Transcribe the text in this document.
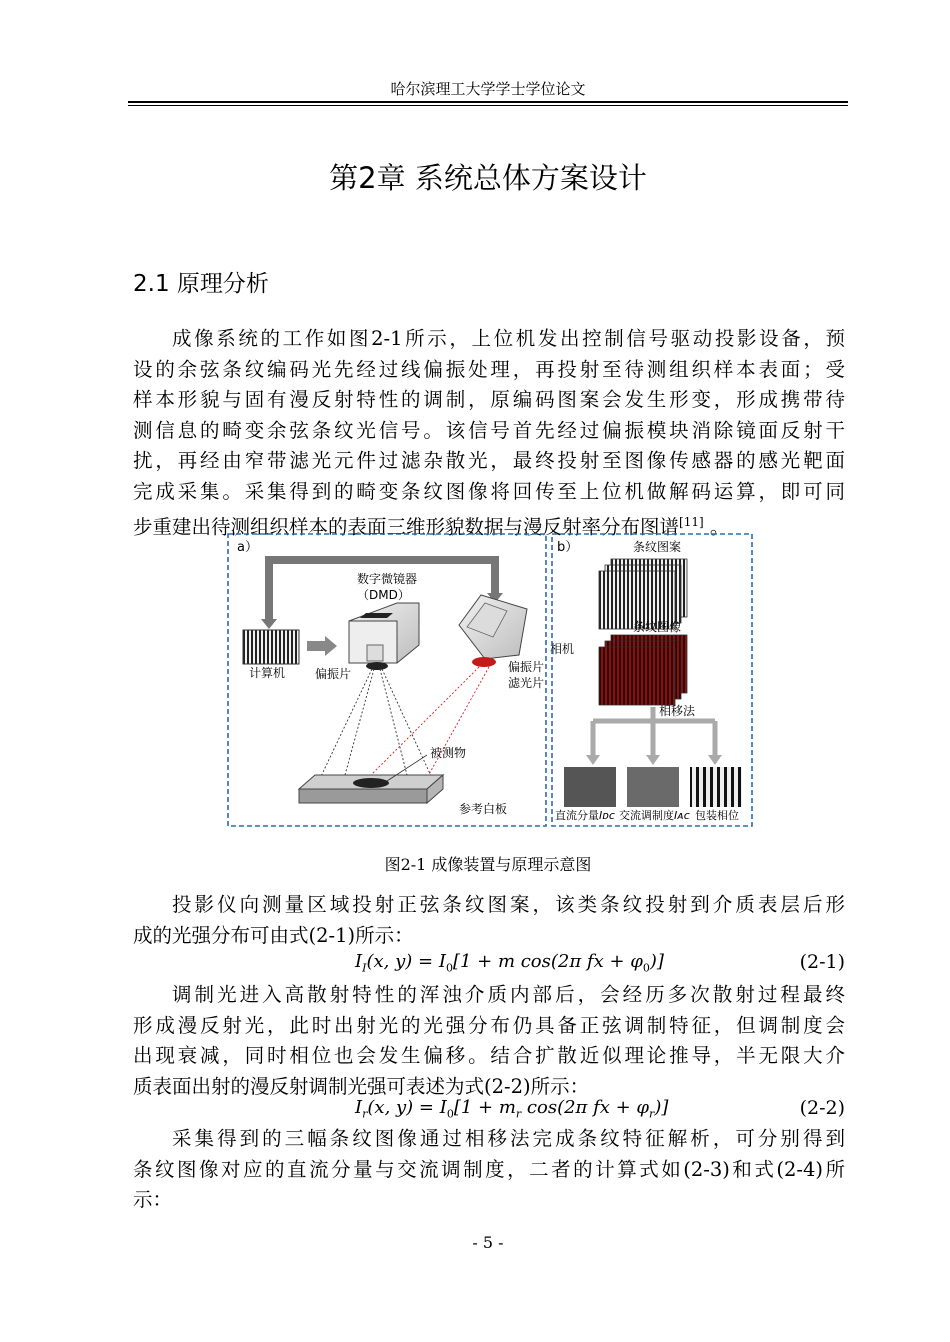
哈尔滨理工大学学士学位论文
第2章 系统总体方案设计
2.1 原理分析
成像系统的工作如图2-1所示，上位机发出控制信号驱动投影设备，预
设的余弦条纹编码光先经过线偏振处理，再投射至待测组织样本表面；受
样本形貌与固有漫反射特性的调制，原编码图案会发生形变，形成携带待
测信息的畸变余弦条纹光信号。该信号首先经过偏振模块消除镜面反射干
扰，再经由窄带滤光元件过滤杂散光，最终投射至图像传感器的感光靶面
完成采集。采集得到的畸变条纹图像将回传至上位机做解码运算，即可同
步重建出待测组织样本的表面三维形貌数据与漫反射率分布图谱[11] 。
a）
计算机
数字微镜器
（DMD）
偏振片
相机
偏振片
滤光片
被测物
参考白板
b）	条纹图案
条纹图像
相移法
直流分量Iᴅᴄ 交流调制度Iᴀᴄ 包装相位
图2-1 成像装置与原理示意图
投影仪向测量区域投射正弦条纹图案，该类条纹投射到介质表层后形
成的光强分布可由式(2-1)所示：
$I_I(x$, $y) = I_0[1 + m$ cos(2π fx + $\varphi_0$)]	(2-1)
调制光进入高散射特性的浑浊介质内部后，会经历多次散射过程最终
形成漫反射光，此时出射光的光强分布仍具备正弦调制特征，但调制度会
出现衰减，同时相位也会发生偏移。结合扩散近似理论推导，半无限大介
质表面出射的漫反射调制光强可表述为式(2-2)所示：
$I_r(x$, $y) = I_0[1 + m_r$ cos(2π fx + $\varphi_r$)]	(2-2)
采集得到的三幅条纹图像通过相移法完成条纹特征解析，可分别得到
条纹图像对应的直流分量与交流调制度，二者的计算式如(2-3)和式(2-4)所
示：
- 5 -
